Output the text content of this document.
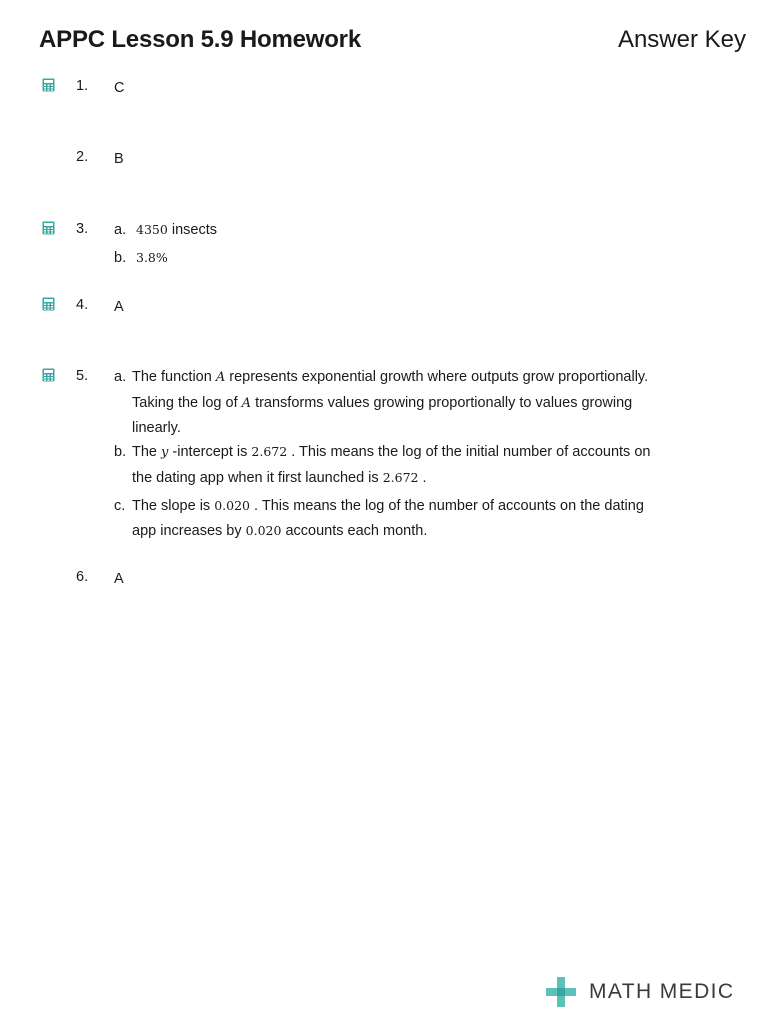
APPC Lesson 5.9 Homework	Answer Key
1. C
2. B
3. a. 4350 insects
b. 3.8%
4. A
5. a. The function A represents exponential growth where outputs grow proportionally. Taking the log of A transforms values growing proportionally to values growing linearly.
b. The y -intercept is 2.672 . This means the log of the initial number of accounts on the dating app when it first launched is 2.672 .
c. The slope is 0.020 . This means the log of the number of accounts on the dating app increases by 0.020 accounts each month.
6. A
MATH MEDIC
